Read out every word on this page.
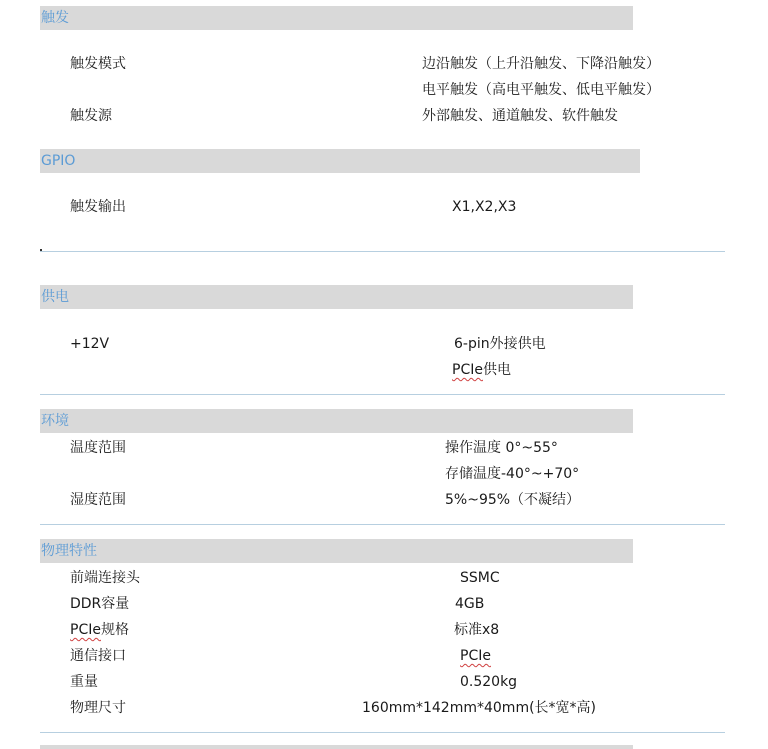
触发
触发模式	边沿触发（上升沿触发、下降沿触发）
电平触发（高电平触发、低电平触发）
触发源	外部触发、通道触发、软件触发
GPIO
触发输出	X1,X2,X3
供电
+12V	6-pin外接供电
PCIe供电
环境
温度范围	操作温度 0°~55°
存储温度-40°~+70°
湿度范围	5%~95%（不凝结）
物理特性
前端连接头	SSMC
DDR容量	4GB
PCIe规格	标准x8
通信接口	PCIe
重量	0.520kg
物理尺寸	160mm*142mm*40mm(长*宽*高)
